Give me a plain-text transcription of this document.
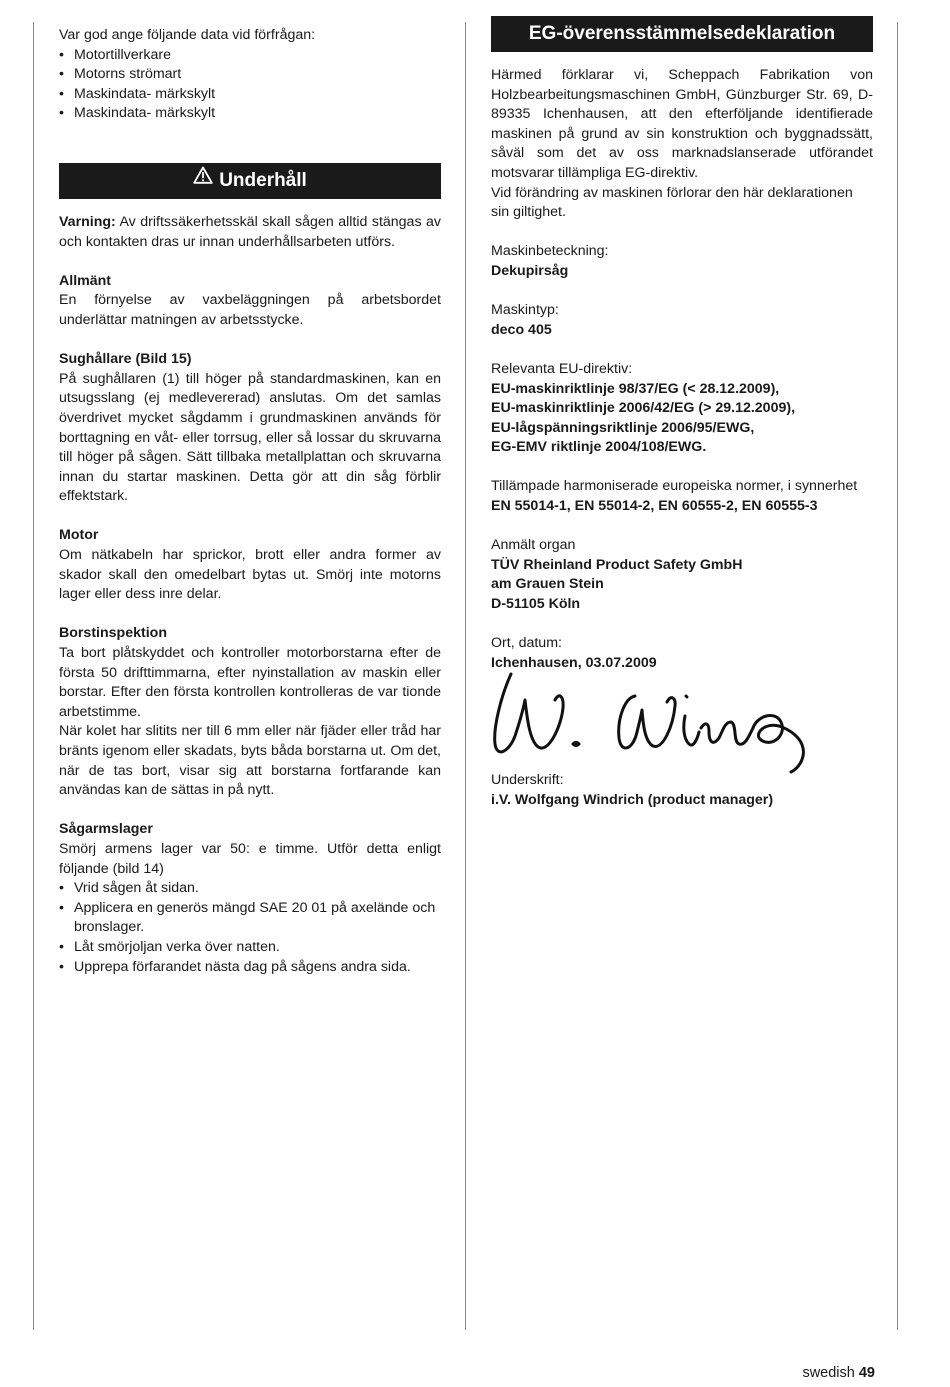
Var god ange följande data vid förfrågan:

• Motortillverkare
• Motorns strömart
• Maskindata- märkskylt
• Maskindata- märkskylt
Underhåll

Varning: Av driftssäkerhetsskäl skall sågen alltid stängas av och kontakten dras ur innan underhållsarbeten utförs.

Allmänt

En förnyelse av vaxbeläggningen på arbetsbordet underlättar matningen av arbetsstycke.

Sughållare (Bild 15)

På sughållaren (1) till höger på standardmaskinen, kan en utsugsslang (ej medlevererad) anslutas. Om det samlas överdrivet mycket sågdamm i grundmaskinen används för borttagning en våt- eller torrsug, eller så lossar du skruvarna till höger på sågen. Sätt tillbaka metallplattan och skruvarna innan du startar maskinen. Detta gör att din såg förblir effektstark.

Motor

Om nätkabeln har sprickor, brott eller andra former av skador skall den omedelbart bytas ut. Smörj inte motorns lager eller dess inre delar.

Borstinspektion

Ta bort plåtskyddet och kontroller motorborstarna efter de första 50 drifttimmarna, efter nyinstallation av maskin eller borstar. Efter den första kontrollen kontrolleras de var tionde arbetstimme.

När kolet har slitits ner till 6 mm eller när fjäder eller tråd har bränts igenom eller skadats, byts båda borstarna ut. Om det, när de tas bort, visar sig att borstarna fortfarande kan användas kan de sättas in på nytt.

Sågarmslager

Smörj armens lager var 50: e timme. Utför detta enligt följande (bild 14)

• Vrid sågen åt sidan.
• Applicera en generös mängd SAE 20 01 på axelände och bronslager.
• Låt smörjoljan verka över natten.
• Upprepa förfarandet nästa dag på sågens andra sida.
EG-överensstämmelsedeklaration

Härmed förklarar vi, Scheppach Fabrikation von Holzbearbeitungsmaschinen GmbH, Günzburger Str. 69, D-89335 Ichenhausen, att den efterföljande identifierade maskinen på grund av sin konstruktion och byggnadssätt, såväl som det av oss marknadslanserade utförandet motsvarar tillämpliga EG-direktiv.

Vid förändring av maskinen förlorar den här deklarationen sin giltighet.

Maskinbeteckning:

Dekupirsåg

Maskintyp:

deco 405

Relevanta EU-direktiv:

EU-maskinriktlinje 98/37/EG (< 28.12.2009),

EU-maskinriktlinje 2006/42/EG (> 29.12.2009),

EU-lågspänningsriktlinje 2006/95/EWG,

EG-EMV riktlinje 2004/108/EWG.

Tillämpade harmoniserade europeiska normer, i synnerhet

EN 55014-1, EN 55014-2, EN 60555-2, EN 60555-3

Anmält organ

TÜV Rheinland Product Safety GmbH

am Grauen Stein

D-51105 Köln

Ort, datum:

Ichenhausen, 03.07.2009

Underskrift:

i.V. Wolfgang Windrich (product manager)

swedish 49
